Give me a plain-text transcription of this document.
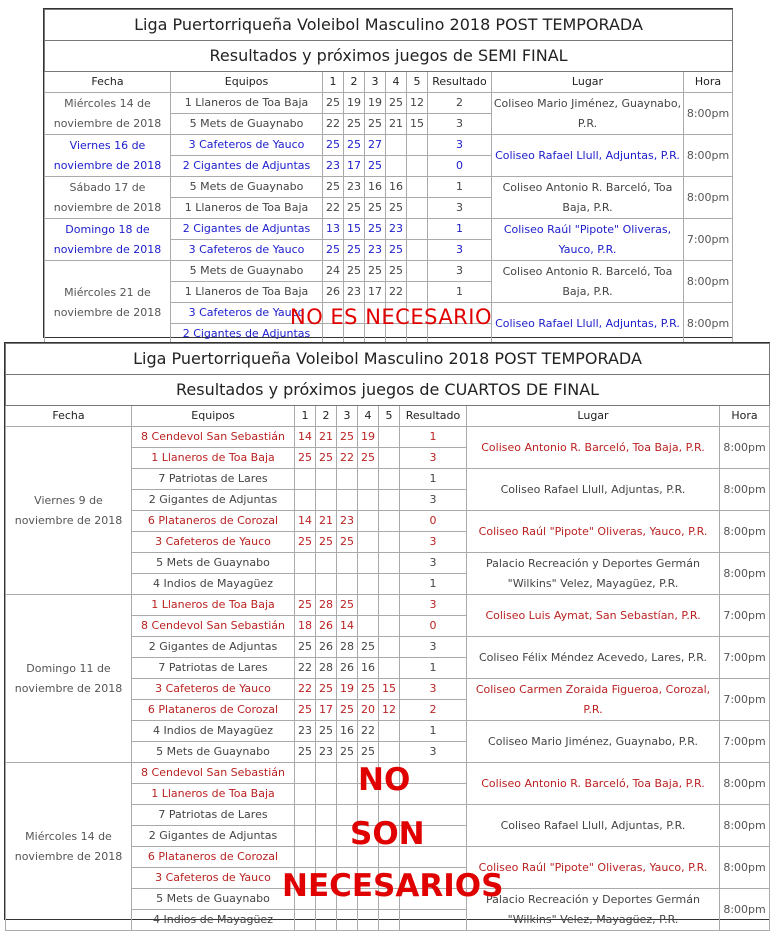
Liga Puertorriqueña Voleibol Masculino 2018 POST TEMPORADA									
Resultados y próximos juegos de SEMI FINAL									
Fecha	Equipos	1	2	3	4	5	Resultado	Lugar	Hora
Miércoles 14 de noviembre de 2018	1 Llaneros de Toa Baja	25	19	19	25	12	2	Coliseo Mario Jiménez, Guaynabo, P.R.	8:00pm
	5 Mets de Guaynabo	22	25	25	21	15	3		
Viernes 16 de noviembre de 2018	3 Cafeteros de Yauco	25	25	27			3	Coliseo Rafael Llull, Adjuntas, P.R.	8:00pm
	2 Cigantes de Adjuntas	23	17	25			0		
Sábado 17 de noviembre de 2018	5 Mets de Guaynabo	25	23	16	16		1	Coliseo Antonio R. Barceló, Toa Baja, P.R.	8:00pm
	1 Llaneros de Toa Baja	22	25	25	25		3		
Domingo 18 de noviembre de 2018	2 Cigantes de Adjuntas	13	15	25	23		1	Coliseo Raúl "Pipote" Oliveras, Yauco, P.R.	7:00pm
	3 Cafeteros de Yauco	25	25	23	25		3		
Miércoles 21 de noviembre de 2018	5 Mets de Guaynabo	24	25	25	25		3	Coliseo Antonio R. Barceló, Toa Baja, P.R.	8:00pm
	1 Llaneros de Toa Baja	26	23	17	22		1		
	3 Cafeteros de Yauco							Coliseo Rafael Llull, Adjuntas, P.R.	8:00pm
	2 Cigantes de Adjuntas								
Liga Puertorriqueña Voleibol Masculino 2018 POST TEMPORADA									
Resultados y próximos juegos de CUARTOS DE FINAL									
Fecha	Equipos	1	2	3	4	5	Resultado	Lugar	Hora
Viernes 9 de noviembre de 2018	8 Cendevol San Sebastián	14	21	25	19		1	Coliseo Antonio R. Barceló, Toa Baja, P.R.	8:00pm
	1 Llaneros de Toa Baja	25	25	22	25		3		
	7 Patriotas de Lares						1	Coliseo Rafael Llull, Adjuntas, P.R.	8:00pm
	2 Gigantes de Adjuntas						3		
	6 Plataneros de Corozal	14	21	23			0	Coliseo Raúl "Pipote" Oliveras, Yauco, P.R.	8:00pm
	3 Cafeteros de Yauco	25	25	25			3		
	5 Mets de Guaynabo						3	Palacio Recreación y Deportes Germán "Wilkins" Velez, Mayagüez, P.R.	8:00pm
	4 Indios de Mayagüez						1		
Domingo 11 de noviembre de 2018	1 Llaneros de Toa Baja	25	28	25			3	Coliseo Luis Aymat, San Sebastían, P.R.	7:00pm
	8 Cendevol San Sebastián	18	26	14			0		
	2 Gigantes de Adjuntas	25	26	28	25		3	Coliseo Félix Méndez Acevedo, Lares, P.R.	7:00pm
	7 Patriotas de Lares	22	28	26	16		1		
	3 Cafeteros de Yauco	22	25	19	25	15	3	Coliseo Carmen Zoraida Figueroa, Corozal, P.R.	7:00pm
	6 Plataneros de Corozal	25	17	25	20	12	2		
	4 Indios de Mayagüez	23	25	16	22		1	Coliseo Mario Jiménez, Guaynabo, P.R.	7:00pm
	5 Mets de Guaynabo	25	23	25	25		3		
Miércoles 14 de noviembre de 2018	8 Cendevol San Sebastián							Coliseo Antonio R. Barceló, Toa Baja, P.R.	8:00pm
	1 Llaneros de Toa Baja								
	7 Patriotas de Lares							Coliseo Rafael Llull, Adjuntas, P.R.	8:00pm
	2 Gigantes de Adjuntas								
	6 Plataneros de Corozal							Coliseo Raúl "Pipote" Oliveras, Yauco, P.R.	8:00pm
	3 Cafeteros de Yauco								
	5 Mets de Guaynabo							Palacio Recreación y Deportes Germán "Wilkins" Velez, Mayagüez, P.R.	8:00pm
	4 Indios de Mayagüez								
NO ES NECESARIO
NO
SON
NECESARIOS
